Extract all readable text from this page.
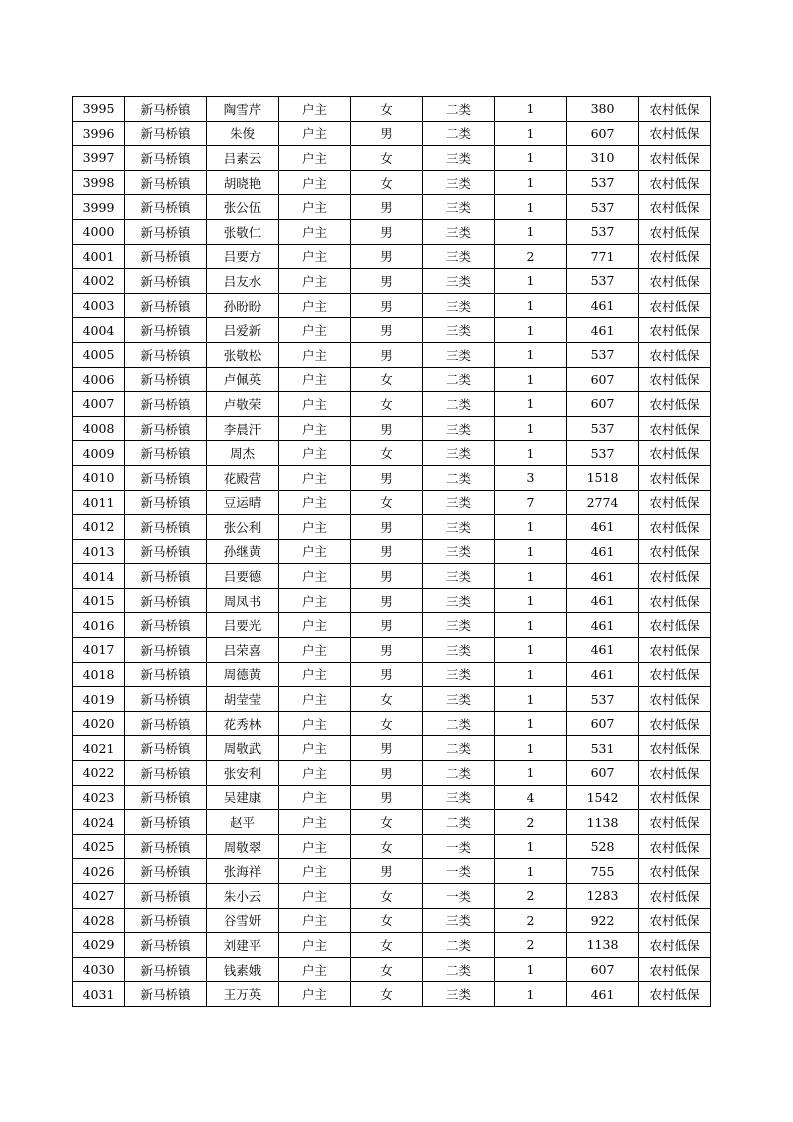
3995	新马桥镇	陶雪芹	户主	女	二类	1	380	农村低保
3996	新马桥镇	朱俊	户主	男	二类	1	607	农村低保
3997	新马桥镇	吕素云	户主	女	三类	1	310	农村低保
3998	新马桥镇	胡晓艳	户主	女	三类	1	537	农村低保
3999	新马桥镇	张公伍	户主	男	三类	1	537	农村低保
4000	新马桥镇	张敬仁	户主	男	三类	1	537	农村低保
4001	新马桥镇	吕要方	户主	男	三类	2	771	农村低保
4002	新马桥镇	吕友水	户主	男	三类	1	537	农村低保
4003	新马桥镇	孙盼盼	户主	男	三类	1	461	农村低保
4004	新马桥镇	吕爱新	户主	男	三类	1	461	农村低保
4005	新马桥镇	张敬松	户主	男	三类	1	537	农村低保
4006	新马桥镇	卢佩英	户主	女	二类	1	607	农村低保
4007	新马桥镇	卢敬荣	户主	女	二类	1	607	农村低保
4008	新马桥镇	李晨汗	户主	男	三类	1	537	农村低保
4009	新马桥镇	周杰	户主	女	三类	1	537	农村低保
4010	新马桥镇	花殿营	户主	男	二类	3	1518	农村低保
4011	新马桥镇	豆运晴	户主	女	三类	7	2774	农村低保
4012	新马桥镇	张公利	户主	男	三类	1	461	农村低保
4013	新马桥镇	孙继黄	户主	男	三类	1	461	农村低保
4014	新马桥镇	吕要德	户主	男	三类	1	461	农村低保
4015	新马桥镇	周凤书	户主	男	三类	1	461	农村低保
4016	新马桥镇	吕要光	户主	男	三类	1	461	农村低保
4017	新马桥镇	吕荣喜	户主	男	三类	1	461	农村低保
4018	新马桥镇	周德黄	户主	男	三类	1	461	农村低保
4019	新马桥镇	胡莹莹	户主	女	三类	1	537	农村低保
4020	新马桥镇	花秀林	户主	女	二类	1	607	农村低保
4021	新马桥镇	周敬武	户主	男	二类	1	531	农村低保
4022	新马桥镇	张安利	户主	男	二类	1	607	农村低保
4023	新马桥镇	吴建康	户主	男	三类	4	1542	农村低保
4024	新马桥镇	赵平	户主	女	二类	2	1138	农村低保
4025	新马桥镇	周敬翠	户主	女	一类	1	528	农村低保
4026	新马桥镇	张海祥	户主	男	一类	1	755	农村低保
4027	新马桥镇	朱小云	户主	女	一类	2	1283	农村低保
4028	新马桥镇	谷雪妍	户主	女	三类	2	922	农村低保
4029	新马桥镇	刘建平	户主	女	二类	2	1138	农村低保
4030	新马桥镇	钱素娥	户主	女	二类	1	607	农村低保
4031	新马桥镇	王万英	户主	女	三类	1	461	农村低保
